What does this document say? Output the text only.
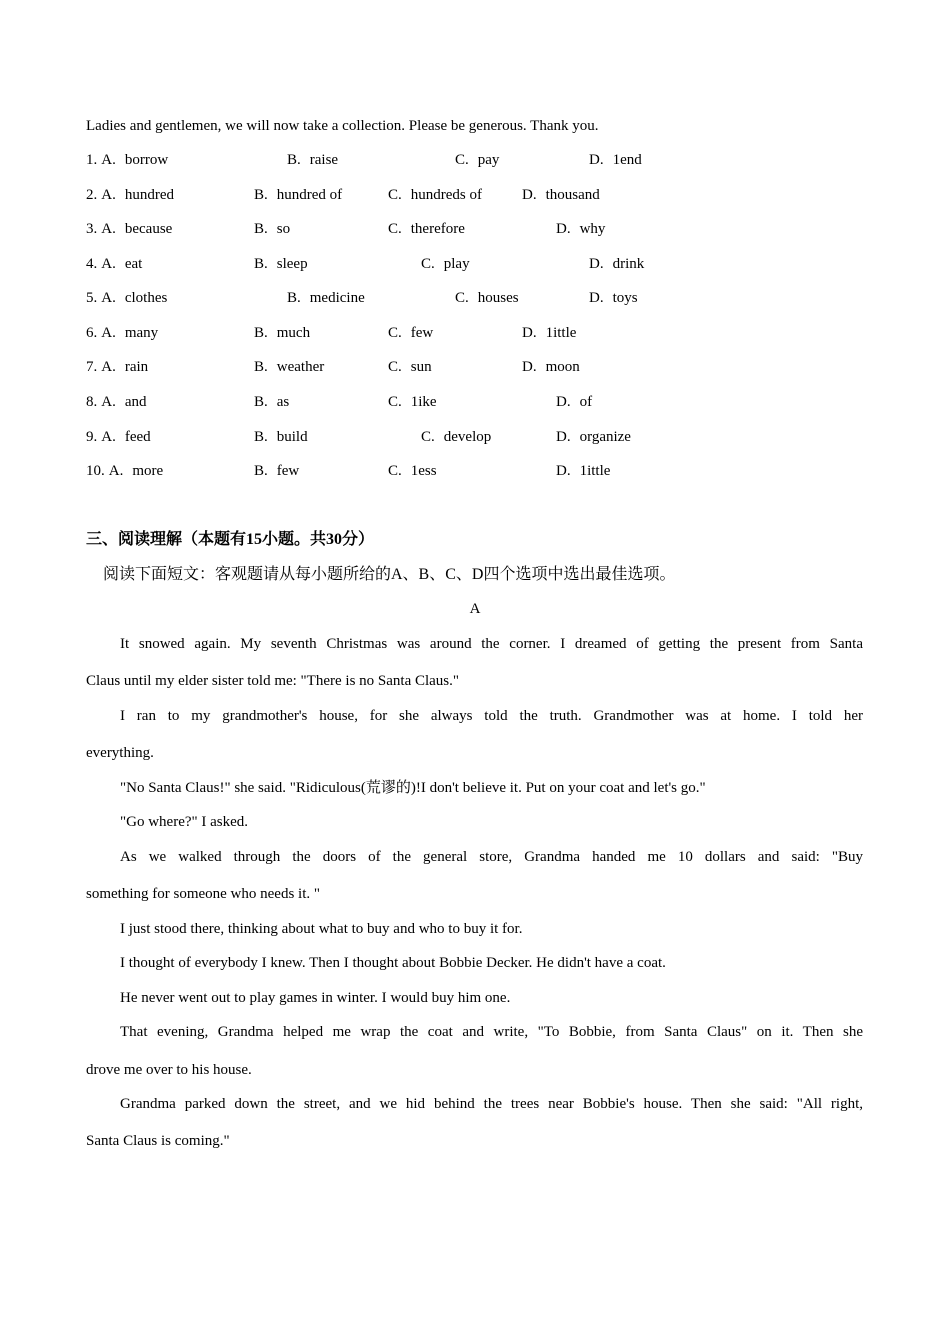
Ladies and gentlemen, we will now take a collection. Please be generous. Thank you.
1. A. borrow	B. raise	C. pay	D. 1end
2. A. hundred	B. hundred of	C. hundreds of	D. thousand
3. A. because	B. so	C. therefore	D. why
4. A. eat	B. sleep	C. play	D. drink
5. A. clothes	B. medicine	C. houses	D. toys
6. A. many	B. much	C. few	D. 1ittle
7. A. rain	B. weather	C. sun	D. moon
8. A. and	B. as	C. 1ike	D. of
9. A. feed	B. build	C. develop	D. organize
10. A. more	B. few	C. 1ess	D. 1ittle
三、阅读理解（本题有15小题。共30分）
阅读下面短文：客观题请从每小题所给的A、B、C、D四个选项中选出最佳选项。
A
It snowed again. My seventh Christmas was around the corner. I dreamed of getting the present from Santa
Claus until my elder sister told me: "There is no Santa Claus."
I ran to my grandmother's house, for she always told the truth. Grandmother was at home. I told her
everything.
"No Santa Claus!" she said. "Ridiculous(荒谬的)!I don't believe it. Put on your coat and let's go."
"Go where?" I asked.
As we walked through the doors of the general store, Grandma handed me 10 dollars and said: "Buy
something for someone who needs it. "
I just stood there, thinking about what to buy and who to buy it for.
I thought of everybody I knew. Then I thought about Bobbie Decker. He didn't have a coat.
He never went out to play games in winter. I would buy him one.
That evening, Grandma helped me wrap the coat and write, "To Bobbie, from Santa Claus" on it. Then she
drove me over to his house.
Grandma parked down the street, and we hid behind the trees near Bobbie's house. Then she said: "All right,
Santa Claus is coming."
